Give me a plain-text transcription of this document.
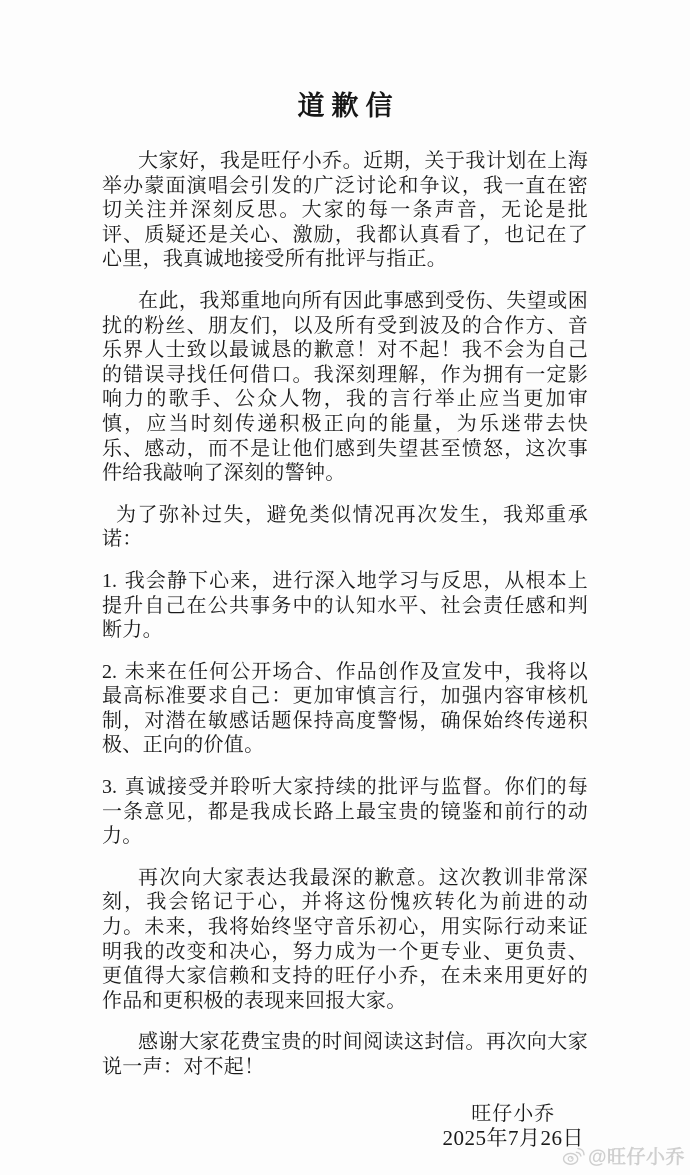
道歉信

大家好，我是旺仔小乔。近期，关于我计划在上海举办蒙面演唱会引发的广泛讨论和争议，我一直在密切关注并深刻反思。大家的每一条声音，无论是批评、质疑还是关心、激励，我都认真看了，也记在了心里，我真诚地接受所有批评与指正。

在此，我郑重地向所有因此事感到受伤、失望或困扰的粉丝、朋友们，以及所有受到波及的合作方、音乐界人士致以最诚恳的歉意！对不起！我不会为自己的错误寻找任何借口。我深刻理解，作为拥有一定影响力的歌手、公众人物，我的言行举止应当更加审慎，应当时刻传递积极正向的能量，为乐迷带去快乐、感动，而不是让他们感到失望甚至愤怒，这次事件给我敲响了深刻的警钟。

为了弥补过失，避免类似情况再次发生，我郑重承诺：

1. 我会静下心来，进行深入地学习与反思，从根本上提升自己在公共事务中的认知水平、社会责任感和判断力。

2. 未来在任何公开场合、作品创作及宣发中，我将以最高标准要求自己：更加审慎言行，加强内容审核机制，对潜在敏感话题保持高度警惕，确保始终传递积极、正向的价值。

3. 真诚接受并聆听大家持续的批评与监督。你们的每一条意见，都是我成长路上最宝贵的镜鉴和前行的动力。

再次向大家表达我最深的歉意。这次教训非常深刻，我会铭记于心，并将这份愧疚转化为前进的动力。未来，我将始终坚守音乐初心，用实际行动来证明我的改变和决心，努力成为一个更专业、更负责、更值得大家信赖和支持的旺仔小乔，在未来用更好的作品和更积极的表现来回报大家。

感谢大家花费宝贵的时间阅读这封信。再次向大家说一声：对不起！

旺仔小乔
2025年7月26日
@旺仔小乔
